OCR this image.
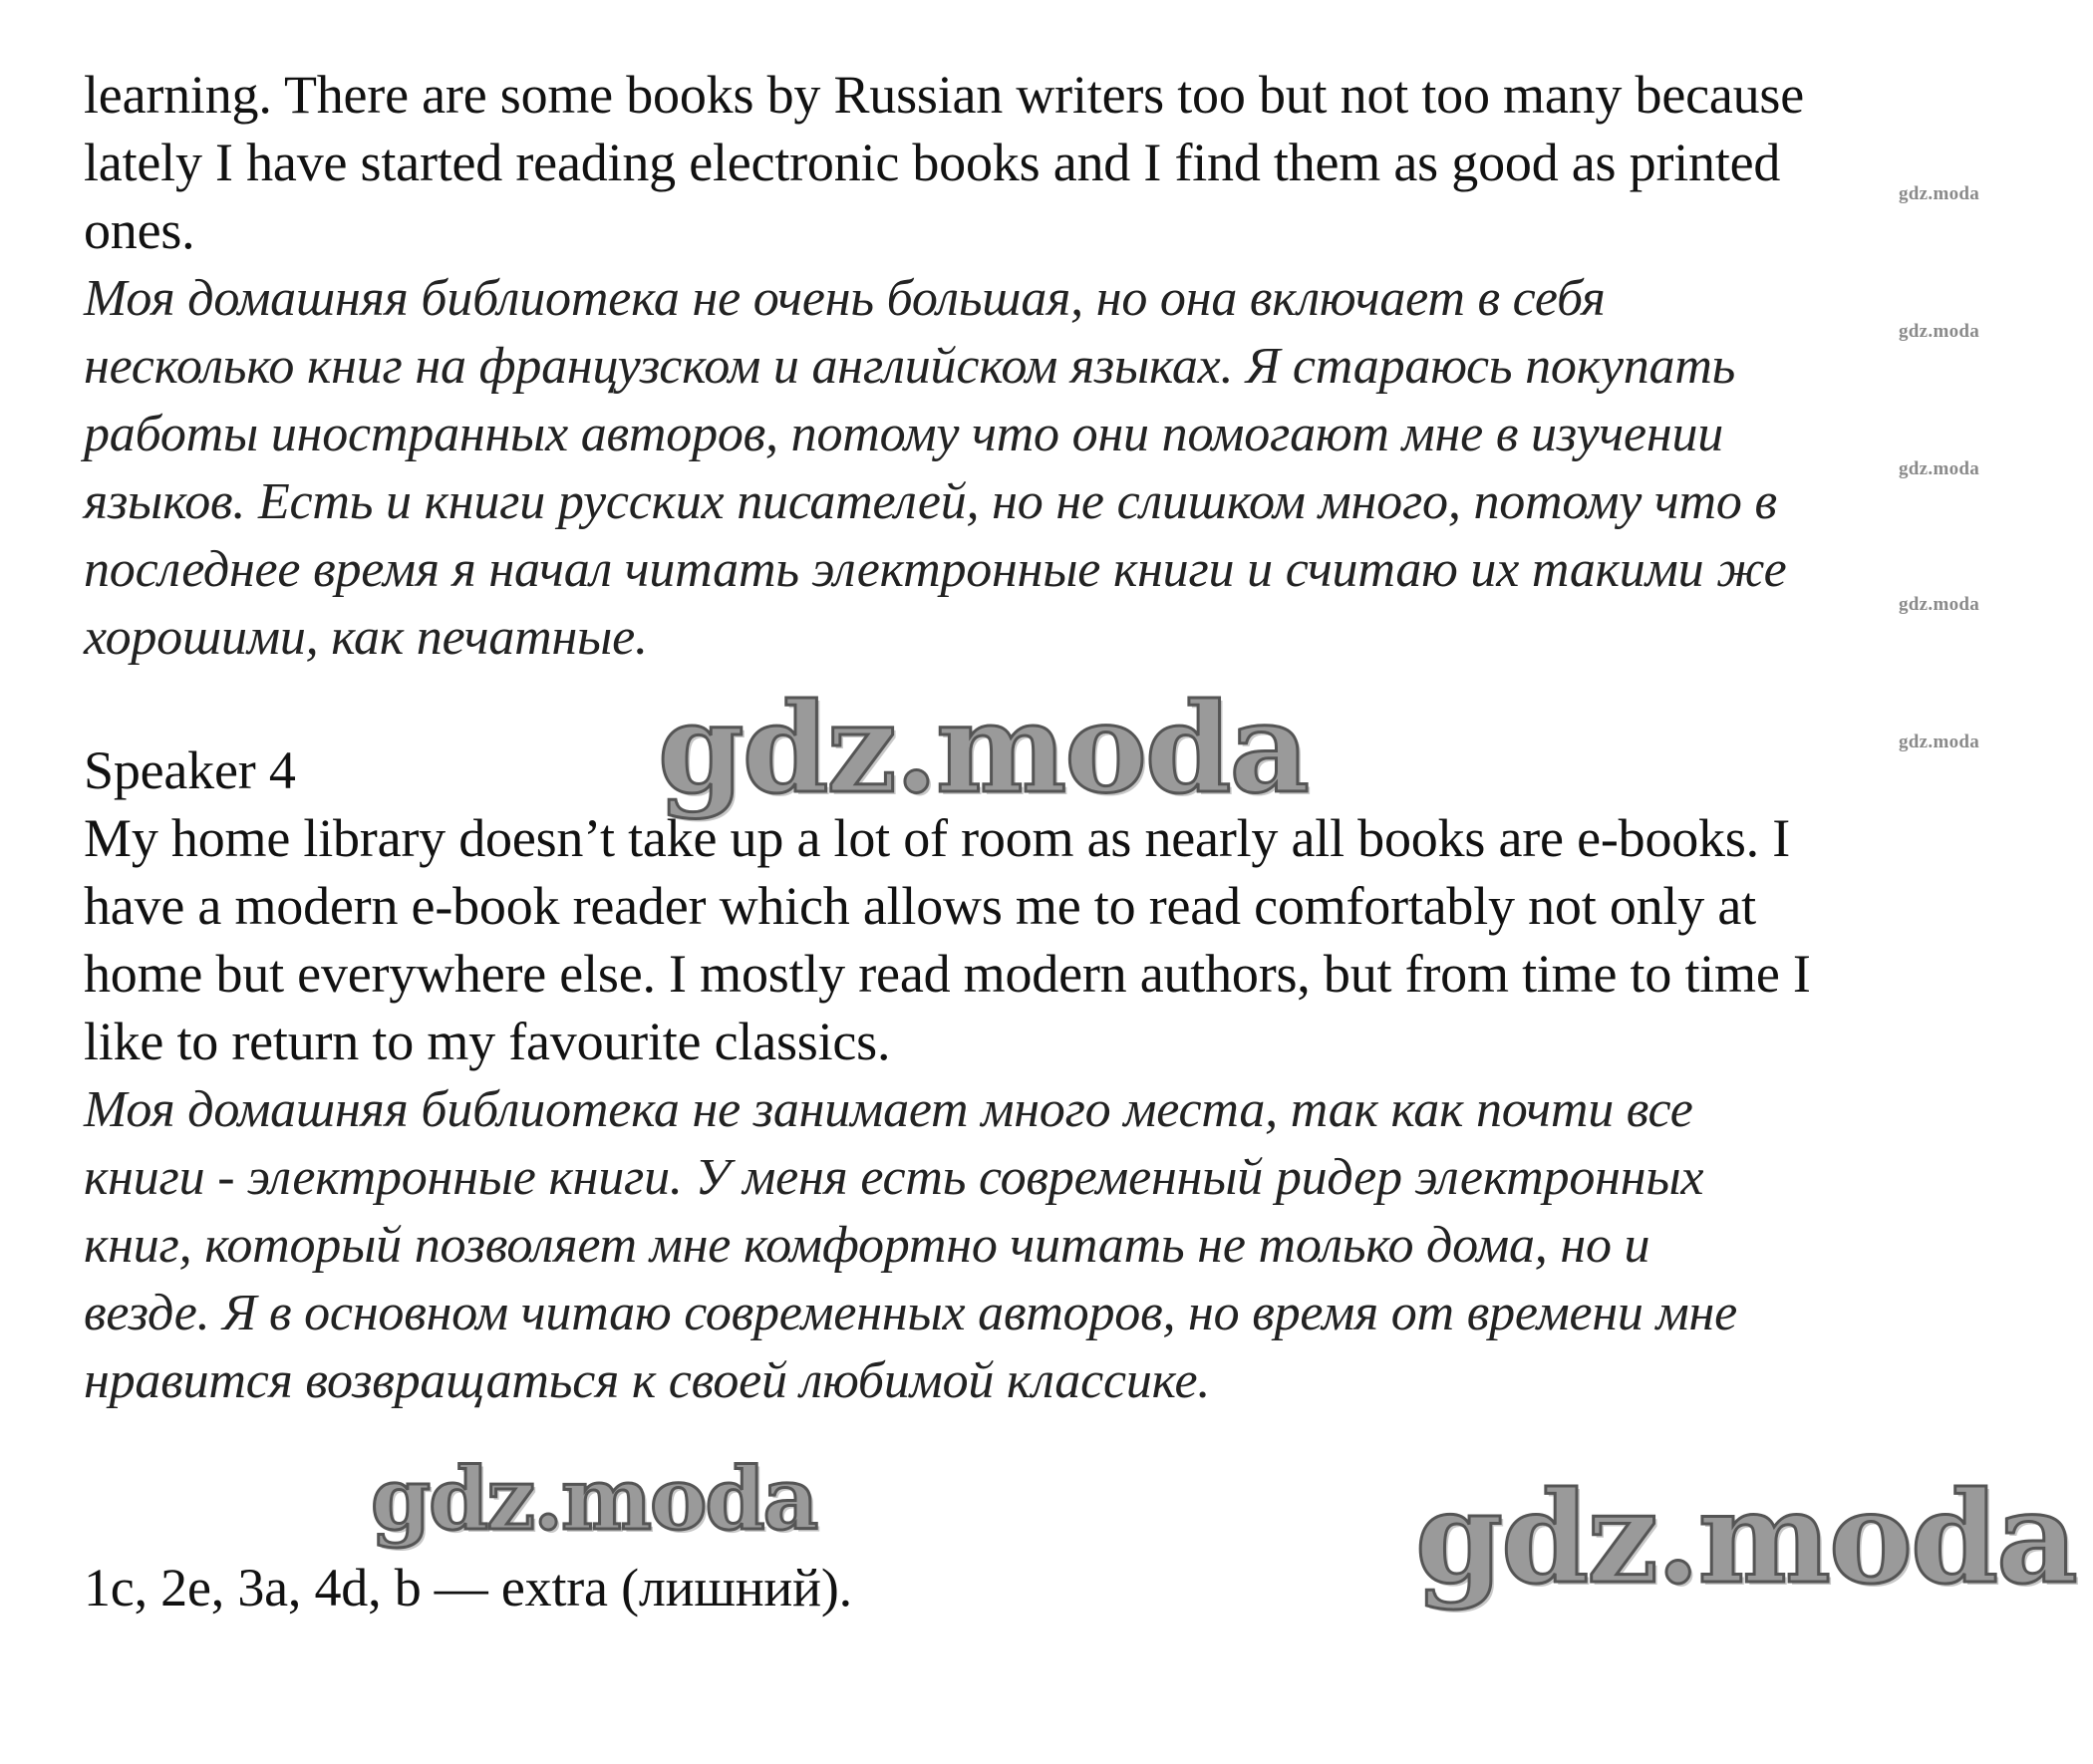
learning. There are some books by Russian writers too but not too many because
lately I have started reading electronic books and I find them as good as printed
ones.
Моя домашняя библиотека не очень большая, но она включает в себя
несколько книг на французском и английском языках. Я стараюсь покупать
работы иностранных авторов, потому что они помогают мне в изучении
языков. Есть и книги русских писателей, но не слишком много, потому что в
последнее время я начал читать электронные книги и считаю их такими же
хорошими, как печатные.
Speaker 4
My home library doesn’t take up a lot of room as nearly all books are e-books. I
have a modern e-book reader which allows me to read comfortably not only at
home but everywhere else. I mostly read modern authors, but from time to time I
like to return to my favourite classics.
Моя домашняя библиотека не занимает много места, так как почти все
книги - электронные книги. У меня есть современный ридер электронных
книг, который позволяет мне комфортно читать не только дома, но и
везде. Я в основном читаю современных авторов, но время от времени мне
нравится возвращаться к своей любимой классике.
1c, 2e, 3a, 4d, b — extra (лишний).
gdz.moda
gdz.moda
gdz.moda
gdz.moda
gdz.moda
gdz.moda
gdz.moda	gdz.moda
